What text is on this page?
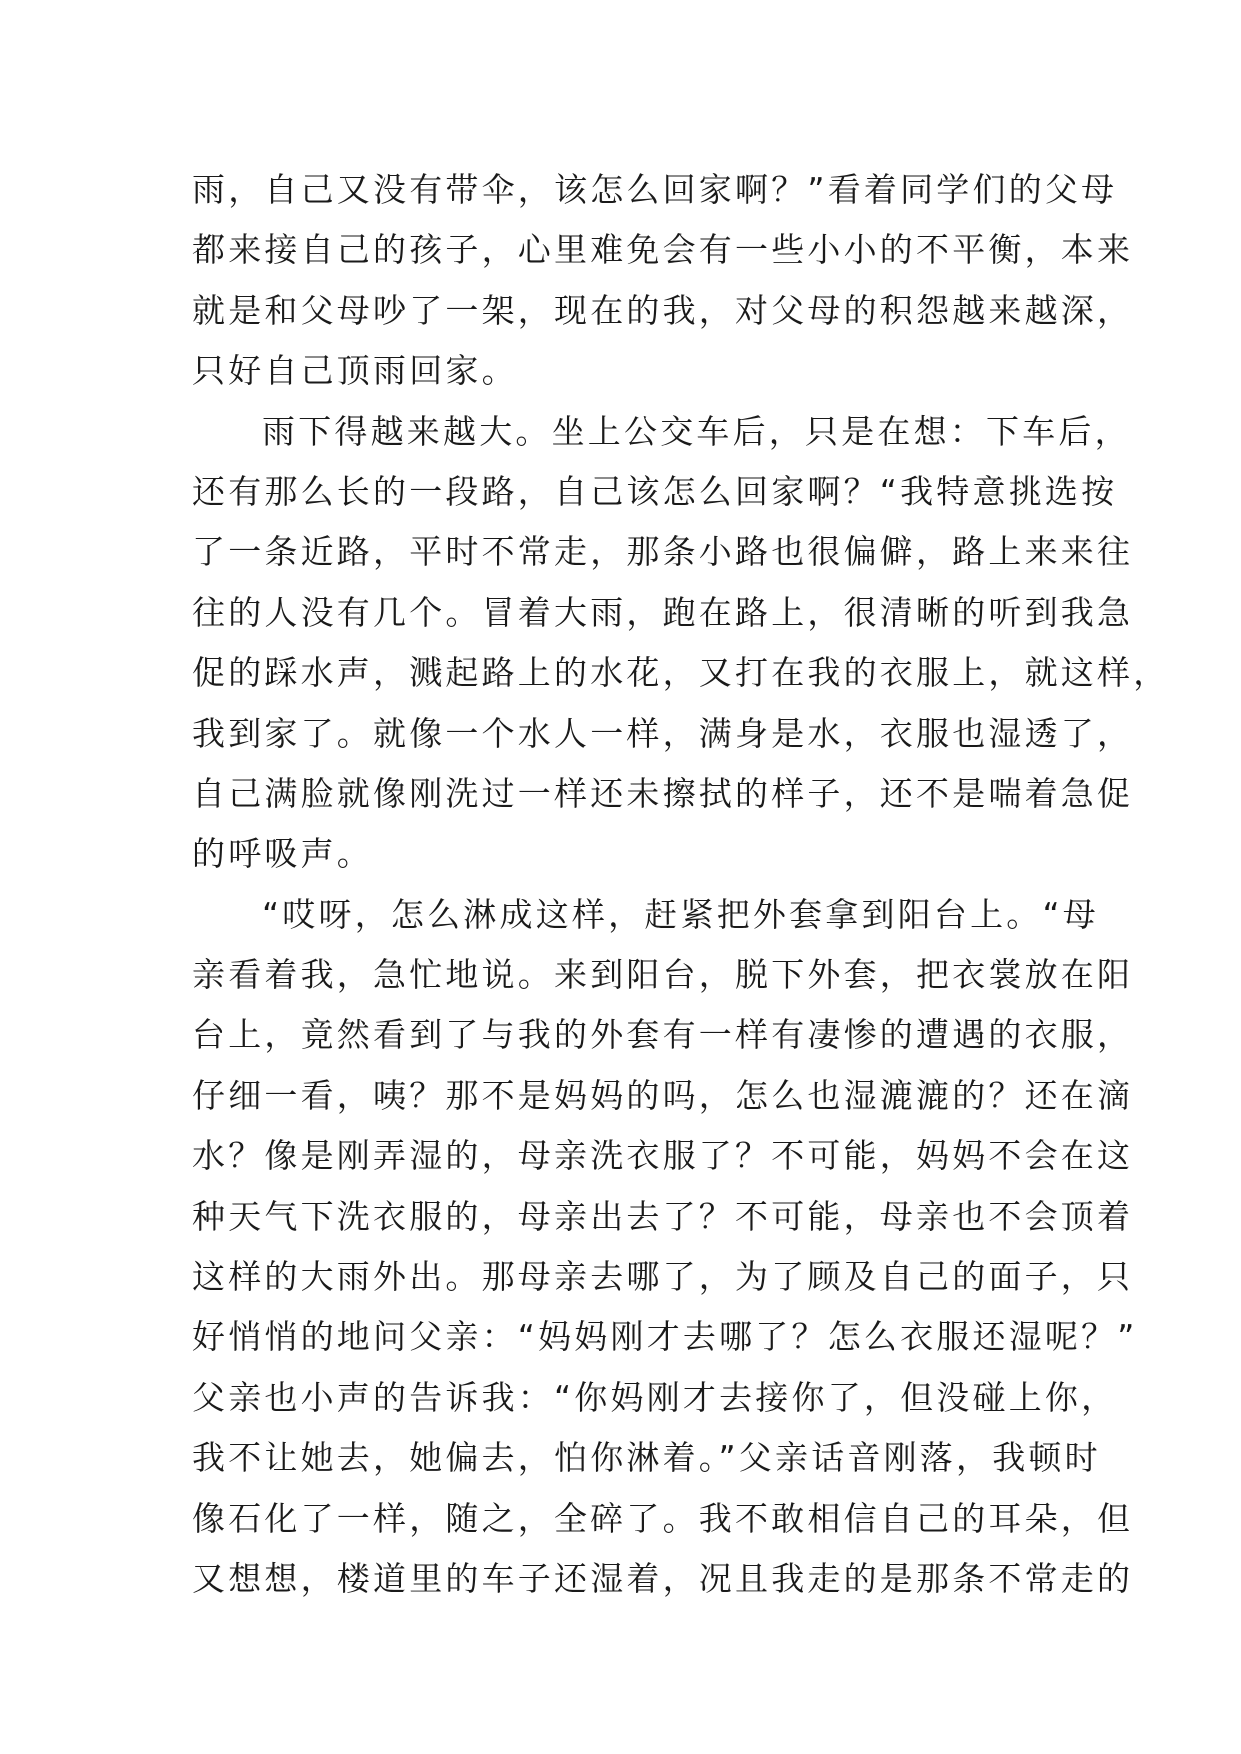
雨，自己又没有带伞，该怎么回家啊？”看着同学们的父母
都来接自己的孩子，心里难免会有一些小小的不平衡，本来
就是和父母吵了一架，现在的我，对父母的积怨越来越深，
只好自己顶雨回家。
雨下得越来越大。坐上公交车后，只是在想：下车后，
还有那么长的一段路，自己该怎么回家啊？“我特意挑选按
了一条近路，平时不常走，那条小路也很偏僻，路上来来往
往的人没有几个。冒着大雨，跑在路上，很清晰的听到我急
促的踩水声，溅起路上的水花，又打在我的衣服上，就这样，
我到家了。就像一个水人一样，满身是水，衣服也湿透了，
自己满脸就像刚洗过一样还未擦拭的样子，还不是喘着急促
的呼吸声。
“哎呀，怎么淋成这样，赶紧把外套拿到阳台上。“母
亲看着我，急忙地说。来到阳台，脱下外套，把衣裳放在阳
台上，竟然看到了与我的外套有一样有凄惨的遭遇的衣服，
仔细一看，咦？那不是妈妈的吗，怎么也湿漉漉的？还在滴
水？像是刚弄湿的，母亲洗衣服了？不可能，妈妈不会在这
种天气下洗衣服的，母亲出去了？不可能，母亲也不会顶着
这样的大雨外出。那母亲去哪了，为了顾及自己的面子，只
好悄悄的地问父亲：“妈妈刚才去哪了？怎么衣服还湿呢？”
父亲也小声的告诉我：“你妈刚才去接你了，但没碰上你，
我不让她去，她偏去，怕你淋着。”父亲话音刚落，我顿时
像石化了一样，随之，全碎了。我不敢相信自己的耳朵，但
又想想，楼道里的车子还湿着，况且我走的是那条不常走的
